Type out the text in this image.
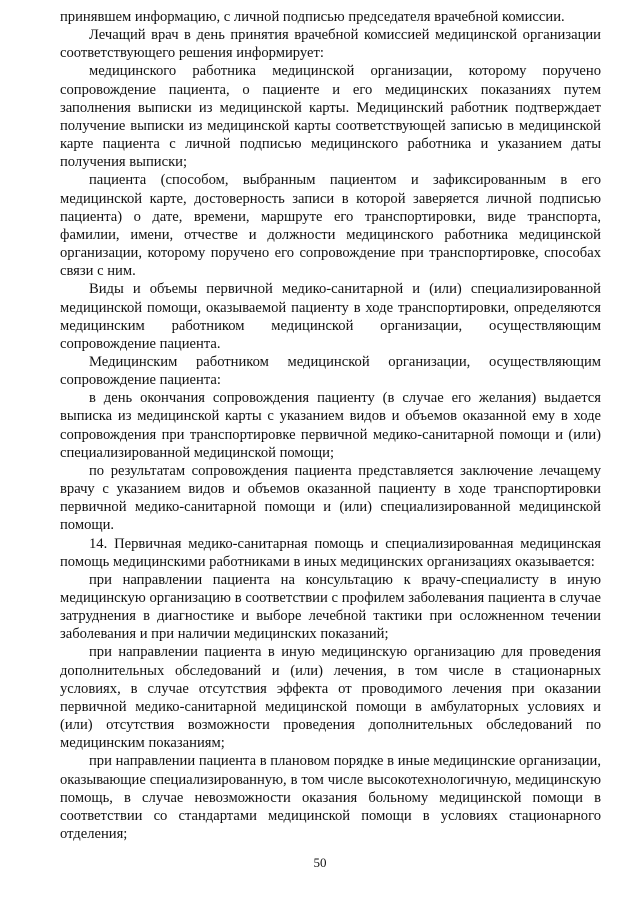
принявшем информацию, с личной подписью председателя врачебной комиссии.

Лечащий врач в день принятия врачебной комиссией медицинской организации соответствующего решения информирует:

медицинского работника медицинской организации, которому поручено сопровождение пациента, о пациенте и его медицинских показаниях путем заполнения выписки из медицинской карты. Медицинский работник подтверждает получение выписки из медицинской карты соответствующей записью в медицинской карте пациента с личной подписью медицинского работника и указанием даты получения выписки;

пациента (способом, выбранным пациентом и зафиксированным в его медицинской карте, достоверность записи в которой заверяется личной подписью пациента) о дате, времени, маршруте его транспортировки, виде транспорта, фамилии, имени, отчестве и должности медицинского работника медицинской организации, которому поручено его сопровождение при транспортировке, способах связи с ним.

Виды и объемы первичной медико-санитарной и (или) специализированной медицинской помощи, оказываемой пациенту в ходе транспортировки, определяются медицинским работником медицинской организации, осуществляющим сопровождение пациента.

Медицинским работником медицинской организации, осуществляющим сопровождение пациента:

в день окончания сопровождения пациенту (в случае его желания) выдается выписка из медицинской карты с указанием видов и объемов оказанной ему в ходе сопровождения при транспортировке первичной медико-санитарной помощи и (или) специализированной медицинской помощи;

по результатам сопровождения пациента представляется заключение лечащему врачу с указанием видов и объемов оказанной пациенту в ходе транспортировки первичной медико-санитарной помощи и (или) специализированной медицинской помощи.

14. Первичная медико-санитарная помощь и специализированная медицинская помощь медицинскими работниками в иных медицинских организациях оказывается:

при направлении пациента на консультацию к врачу-специалисту в иную медицинскую организацию в соответствии с профилем заболевания пациента в случае затруднения в диагностике и выборе лечебной тактики при осложненном течении заболевания и при наличии медицинских показаний;

при направлении пациента в иную медицинскую организацию для проведения дополнительных обследований и (или) лечения, в том числе в стационарных условиях, в случае отсутствия эффекта от проводимого лечения при оказании первичной медико-санитарной медицинской помощи в амбулаторных условиях и (или) отсутствия возможности проведения дополнительных обследований по медицинским показаниям;

при направлении пациента в плановом порядке в иные медицинские организации, оказывающие специализированную, в том числе высокотехнологичную, медицинскую помощь, в случае невозможности оказания больному медицинской помощи в соответствии со стандартами медицинской помощи в условиях стационарного отделения;

50
